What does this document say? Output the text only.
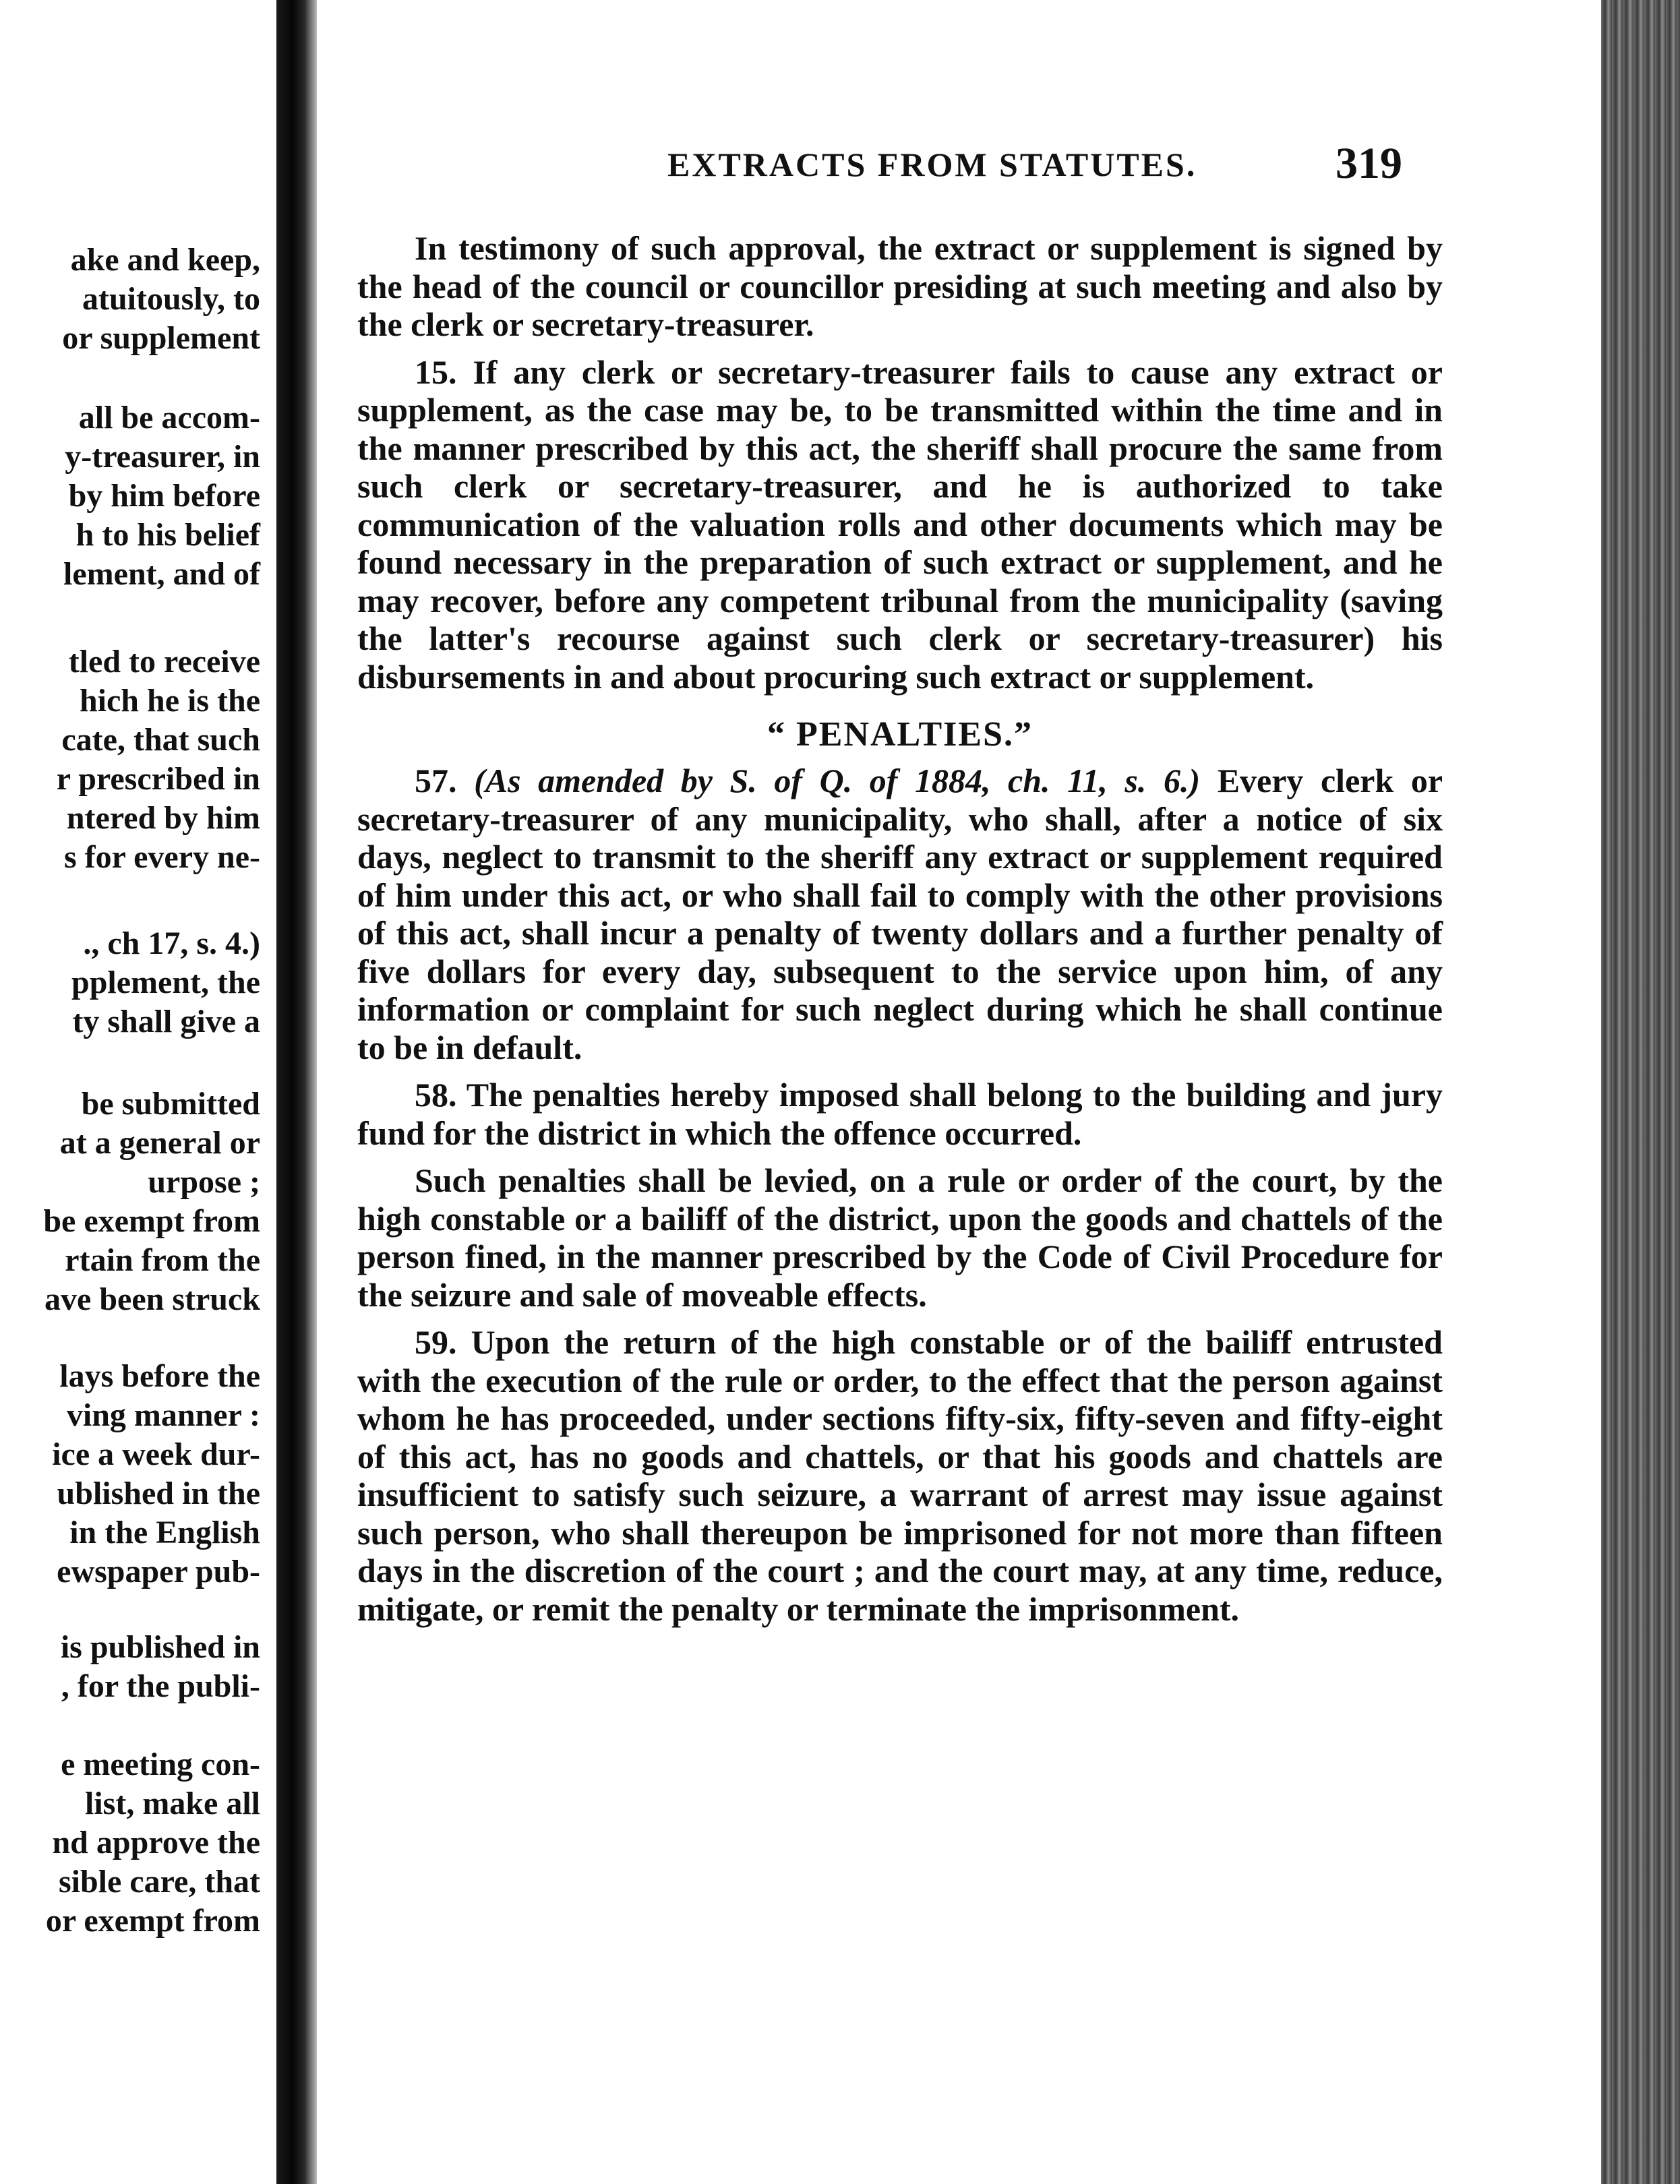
ake and keep,
atuitously, to
or supplement
all be accom-
y-treasurer, in
by him before
h to his belief
lement, and of
tled to receive
hich he is the
cate, that such
r prescribed in
ntered by him
s for every ne-
., ch 17, s. 4.)
pplement, the
ty shall give a
be submitted
at a general or
urpose ;
be exempt from
rtain from the
ave been struck
lays before the
ving manner :
ice a week dur-
ublished in the
in the English
ewspaper pub-
is published in
, for the publi-
e meeting con-
list, make all
nd approve the
sible care, that
or exempt from
EXTRACTS FROM STATUTES.	319

In testimony of such approval, the extract or supplement is signed by the head of the council or councillor presiding at such meeting and also by the clerk or secretary-treasurer.

15. If any clerk or secretary-treasurer fails to cause any extract or supplement, as the case may be, to be transmitted within the time and in the manner prescribed by this act, the sheriff shall procure the same from such clerk or secretary-treasurer, and he is authorized to take communication of the valuation rolls and other documents which may be found necessary in the preparation of such extract or supplement, and he may recover, before any competent tribunal from the municipality (saving the latter's recourse against such clerk or secretary-treasurer) his disbursements in and about procuring such extract or supplement.

“ PENALTIES.”

57. (As amended by S. of Q. of 1884, ch. 11, s. 6.) Every clerk or secretary-treasurer of any municipality, who shall, after a notice of six days, neglect to transmit to the sheriff any extract or supplement required of him under this act, or who shall fail to comply with the other provisions of this act, shall incur a penalty of twenty dollars and a further penalty of five dollars for every day, subsequent to the service upon him, of any information or complaint for such neglect during which he shall continue to be in default.

58. The penalties hereby imposed shall belong to the building and jury fund for the district in which the offence occurred.

Such penalties shall be levied, on a rule or order of the court, by the high constable or a bailiff of the district, upon the goods and chattels of the person fined, in the manner prescribed by the Code of Civil Procedure for the seizure and sale of moveable effects.

59. Upon the return of the high constable or of the bailiff entrusted with the execution of the rule or order, to the effect that the person against whom he has proceeded, under sections fifty-six, fifty-seven and fifty-eight of this act, has no goods and chattels, or that his goods and chattels are insufficient to satisfy such seizure, a warrant of arrest may issue against such person, who shall thereupon be imprisoned for not more than fifteen days in the discretion of the court ; and the court may, at any time, reduce, mitigate, or remit the penalty or terminate the imprisonment.
